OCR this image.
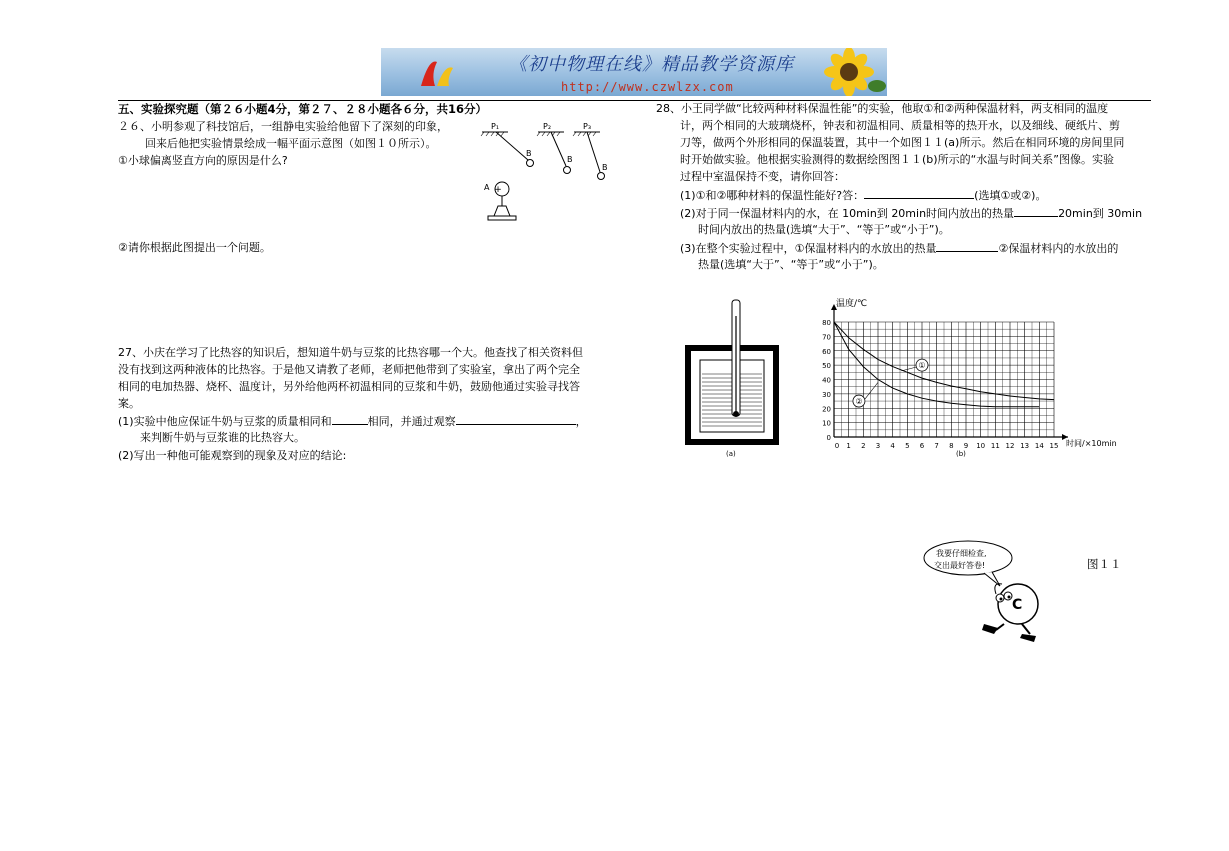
《初中物理在线》精品教学资源库
http://www.czwlzx.com
五、实验探究题（第２６小题4分，第２７、２８小题各６分，共16分）
２６、小明参观了科技馆后，一组静电实验给他留下了深刻的印象，
回来后他把实验情景绘成一幅平面示意图（如图１０所示）。
①小球偏离竖直方向的原因是什么?
②请你根据此图提出一个问题。
+
P₁	P₂	P₃
B
B
B
A
27、小庆在学习了比热容的知识后，想知道牛奶与豆浆的比热容哪一个大。他查找了相关资料但
没有找到这两种液体的比热容。于是他又请教了老师，老师把他带到了实验室，拿出了两个完全
相同的电加热器、烧杯、温度计，另外给他两杯初温相同的豆浆和牛奶，鼓励他通过实验寻找答
案。
(1)实验中他应保证牛奶与豆浆的质量相同和	相同，并通过观察	，
来判断牛奶与豆浆谁的比热容大。
(2)写出一种他可能观察到的现象及对应的结论:
28、小王同学做“比较两种材料保温性能”的实验，他取①和②两种保温材料，两支相同的温度
计，两个相同的大玻璃烧杯，钟表和初温相同、质量相等的热开水，以及细线、硬纸片、剪
刀等，做两个外形相同的保温装置，其中一个如图１１(a)所示。然后在相同环境的房间里同
时开始做实验。他根据实验测得的数据绘图图１１(b)所示的“水温与时间关系”图像。实验
过程中室温保持不变，请你回答：
(1)①和②哪种材料的保温性能好?答：	(选填①或②)。
(2)对于同一保温材料内的水，在 10min到 20min时间内放出的热量	20min到 30min
时间内放出的热量(选填“大于”、“等于”或“小于”)。
(3)在整个实验过程中，①保温材料内的水放出的热量	②保温材料内的水放出的
热量(选填“大于”、“等于”或“小于”)。
(a)
0 1 2 3 4 5 6 7 8 9 10 11 12 13 14 15
0
10
20
30
40
50
60
70
80
①
②
温度/℃
时间/×10min
(b)
我要仔细检查,
交出最好答卷!
C
图１１
